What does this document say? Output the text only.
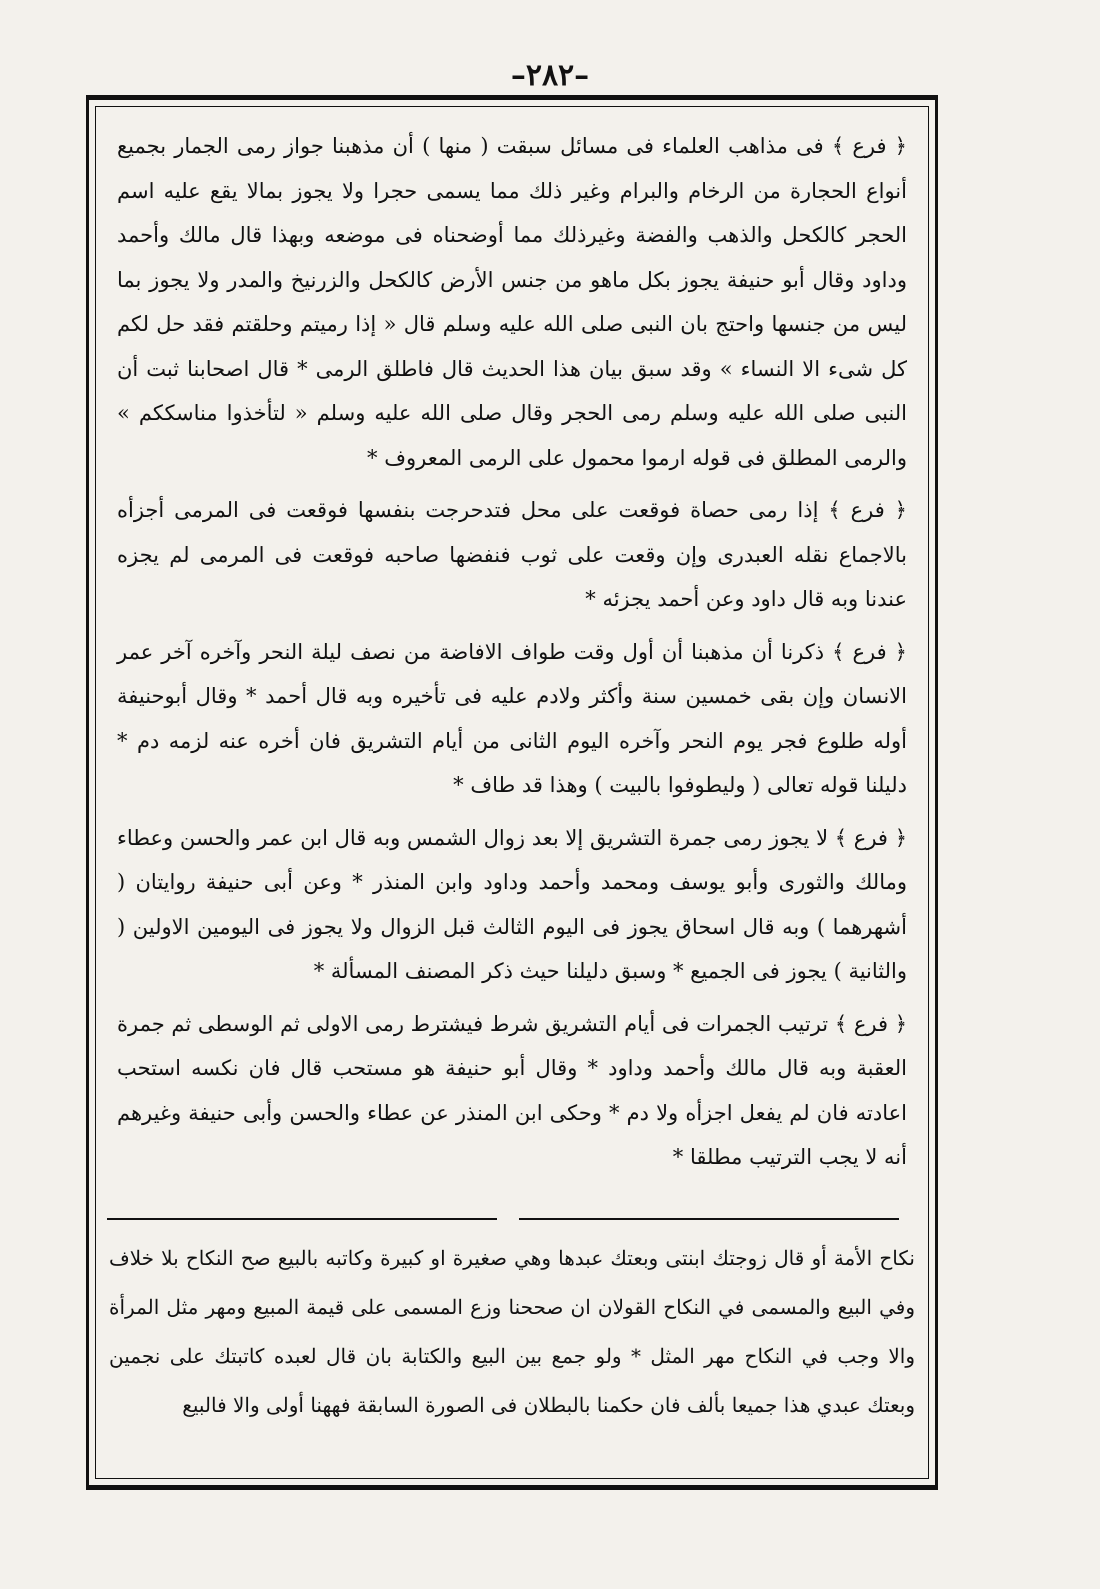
–٢٨٢–

﴿ فرع ﴾ فى مذاهب العلماء فى مسائل سبقت ( منها ) أن مذهبنا جواز رمى الجمار بجميع أنواع الحجارة من الرخام والبرام وغير ذلك مما يسمى حجرا ولا يجوز بمالا يقع عليه اسم الحجر كالكحل والذهب والفضة وغيرذلك مما أوضحناه فى موضعه وبهذا قال مالك وأحمد وداود وقال أبو حنيفة يجوز بكل ماهو من جنس الأرض كالكحل والزرنيخ والمدر ولا يجوز بما ليس من جنسها واحتج بان النبى صلى الله عليه وسلم قال « إذا رميتم وحلقتم فقد حل لكم كل شىء الا النساء » وقد سبق بيان هذا الحديث قال فاطلق الرمى * قال اصحابنا ثبت أن النبى صلى الله عليه وسلم رمى الحجر وقال صلى الله عليه وسلم « لتأخذوا مناسككم » والرمى المطلق فى قوله ارموا محمول على الرمى المعروف *

﴿ فرع ﴾ إذا رمى حصاة فوقعت على محل فتدحرجت بنفسها فوقعت فى المرمى أجزأه بالاجماع نقله العبدرى وإن وقعت على ثوب فنفضها صاحبه فوقعت فى المرمى لم يجزه عندنا وبه قال داود وعن أحمد يجزئه *

﴿ فرع ﴾ ذكرنا أن مذهبنا أن أول وقت طواف الافاضة من نصف ليلة النحر وآخره آخر عمر الانسان وإن بقى خمسين سنة وأكثر ولادم عليه فى تأخيره وبه قال أحمد * وقال أبوحنيفة أوله طلوع فجر يوم النحر وآخره اليوم الثانى من أيام التشريق فان أخره عنه لزمه دم * دليلنا قوله تعالى ( وليطوفوا بالبيت ) وهذا قد طاف *

﴿ فرع ﴾ لا يجوز رمى جمرة التشريق إلا بعد زوال الشمس وبه قال ابن عمر والحسن وعطاء ومالك والثورى وأبو يوسف ومحمد وأحمد وداود وابن المنذر * وعن أبى حنيفة روايتان ( أشهرهما ) وبه قال اسحاق يجوز فى اليوم الثالث قبل الزوال ولا يجوز فى اليومين الاولين ( والثانية ) يجوز فى الجميع * وسبق دليلنا حيث ذكر المصنف المسألة *

﴿ فرع ﴾ ترتيب الجمرات فى أيام التشريق شرط فيشترط رمى الاولى ثم الوسطى ثم جمرة العقبة وبه قال مالك وأحمد وداود * وقال أبو حنيفة هو مستحب قال فان نكسه استحب اعادته فان لم يفعل اجزأه ولا دم * وحكى ابن المنذر عن عطاء والحسن وأبى حنيفة وغيرهم أنه لا يجب الترتيب مطلقا *

نكاح الأمة أو قال زوجتك ابنتى وبعتك عبدها وهي صغيرة او كبيرة وكاتبه بالبيع صح النكاح بلا خلاف وفي البيع والمسمى في النكاح القولان ان صححنا وزع المسمى على قيمة المبيع ومهر مثل المرأة والا وجب في النكاح مهر المثل * ولو جمع بين البيع والكتابة بان قال لعبده كاتبتك على نجمين وبعتك عبدي هذا جميعا بألف فان حكمنا بالبطلان فى الصورة السابقة فههنا أولى والا فالبيع
